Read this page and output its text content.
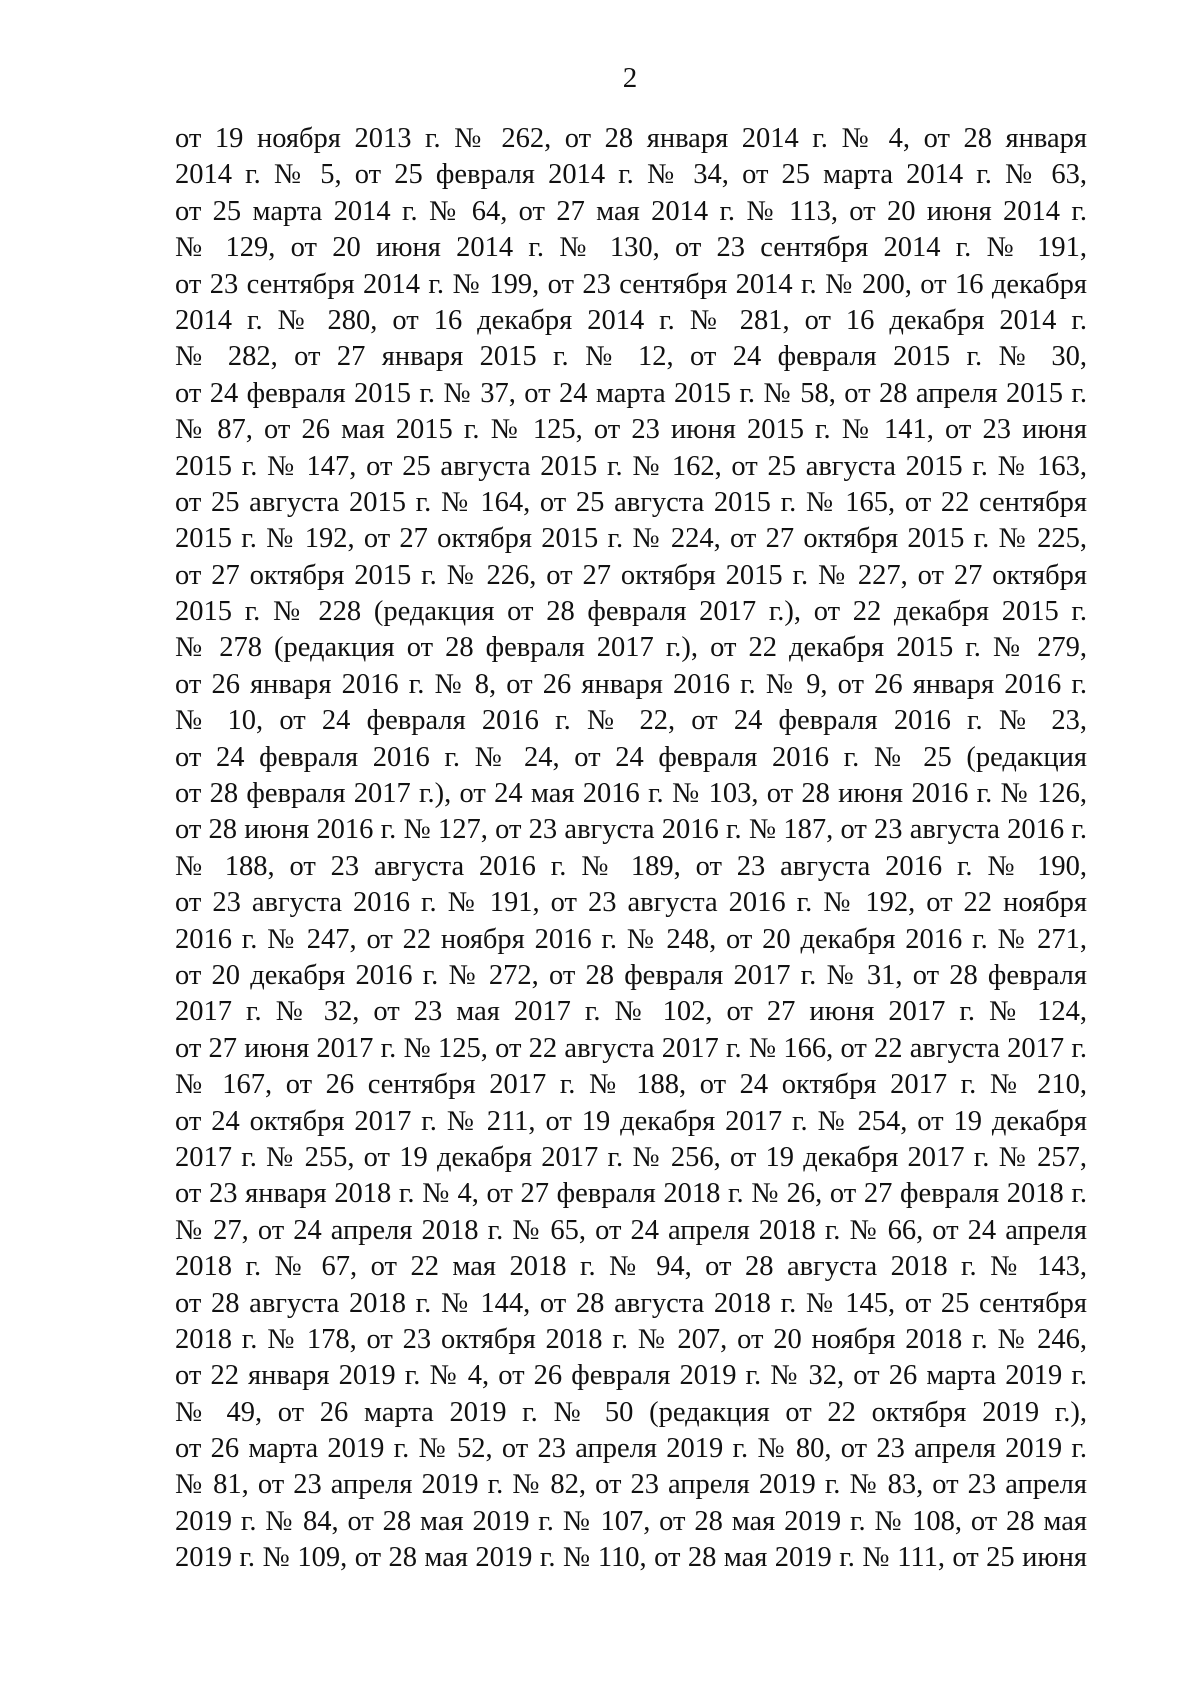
2
от 19 ноября 2013 г. № 262, от 28 января 2014 г. № 4, от 28 января
2014 г. № 5, от 25 февраля 2014 г. № 34, от 25 марта 2014 г. № 63,
от 25 марта 2014 г. № 64, от 27 мая 2014 г. № 113, от 20 июня 2014 г.
№ 129, от 20 июня 2014 г. № 130, от 23 сентября 2014 г. № 191,
от 23 сентября 2014 г. № 199, от 23 сентября 2014 г. № 200, от 16 декабря
2014 г. № 280, от 16 декабря 2014 г. № 281, от 16 декабря 2014 г.
№ 282, от 27 января 2015 г. № 12, от 24 февраля 2015 г. № 30,
от 24 февраля 2015 г. № 37, от 24 марта 2015 г. № 58, от 28 апреля 2015 г.
№ 87, от 26 мая 2015 г. № 125, от 23 июня 2015 г. № 141, от 23 июня
2015 г. № 147, от 25 августа 2015 г. № 162, от 25 августа 2015 г. № 163,
от 25 августа 2015 г. № 164, от 25 августа 2015 г. № 165, от 22 сентября
2015 г. № 192, от 27 октября 2015 г. № 224, от 27 октября 2015 г. № 225,
от 27 октября 2015 г. № 226, от 27 октября 2015 г. № 227, от 27 октября
2015 г. № 228 (редакция от 28 февраля 2017 г.), от 22 декабря 2015 г.
№ 278 (редакция от 28 февраля 2017 г.), от 22 декабря 2015 г. № 279,
от 26 января 2016 г. № 8, от 26 января 2016 г. № 9, от 26 января 2016 г.
№ 10, от 24 февраля 2016 г. № 22, от 24 февраля 2016 г. № 23,
от 24 февраля 2016 г. № 24, от 24 февраля 2016 г. № 25 (редакция
от 28 февраля 2017 г.), от 24 мая 2016 г. № 103, от 28 июня 2016 г. № 126,
от 28 июня 2016 г. № 127, от 23 августа 2016 г. № 187, от 23 августа 2016 г.
№ 188, от 23 августа 2016 г. № 189, от 23 августа 2016 г. № 190,
от 23 августа 2016 г. № 191, от 23 августа 2016 г. № 192, от 22 ноября
2016 г. № 247, от 22 ноября 2016 г. № 248, от 20 декабря 2016 г. № 271,
от 20 декабря 2016 г. № 272, от 28 февраля 2017 г. № 31, от 28 февраля
2017 г. № 32, от 23 мая 2017 г. № 102, от 27 июня 2017 г. № 124,
от 27 июня 2017 г. № 125, от 22 августа 2017 г. № 166, от 22 августа 2017 г.
№ 167, от 26 сентября 2017 г. № 188, от 24 октября 2017 г. № 210,
от 24 октября 2017 г. № 211, от 19 декабря 2017 г. № 254, от 19 декабря
2017 г. № 255, от 19 декабря 2017 г. № 256, от 19 декабря 2017 г. № 257,
от 23 января 2018 г. № 4, от 27 февраля 2018 г. № 26, от 27 февраля 2018 г.
№ 27, от 24 апреля 2018 г. № 65, от 24 апреля 2018 г. № 66, от 24 апреля
2018 г. № 67, от 22 мая 2018 г. № 94, от 28 августа 2018 г. № 143,
от 28 августа 2018 г. № 144, от 28 августа 2018 г. № 145, от 25 сентября
2018 г. № 178, от 23 октября 2018 г. № 207, от 20 ноября 2018 г. № 246,
от 22 января 2019 г. № 4, от 26 февраля 2019 г. № 32, от 26 марта 2019 г.
№ 49, от 26 марта 2019 г. № 50 (редакция от 22 октября 2019 г.),
от 26 марта 2019 г. № 52, от 23 апреля 2019 г. № 80, от 23 апреля 2019 г.
№ 81, от 23 апреля 2019 г. № 82, от 23 апреля 2019 г. № 83, от 23 апреля
2019 г. № 84, от 28 мая 2019 г. № 107, от 28 мая 2019 г. № 108, от 28 мая
2019 г. № 109, от 28 мая 2019 г. № 110, от 28 мая 2019 г. № 111, от 25 июня
